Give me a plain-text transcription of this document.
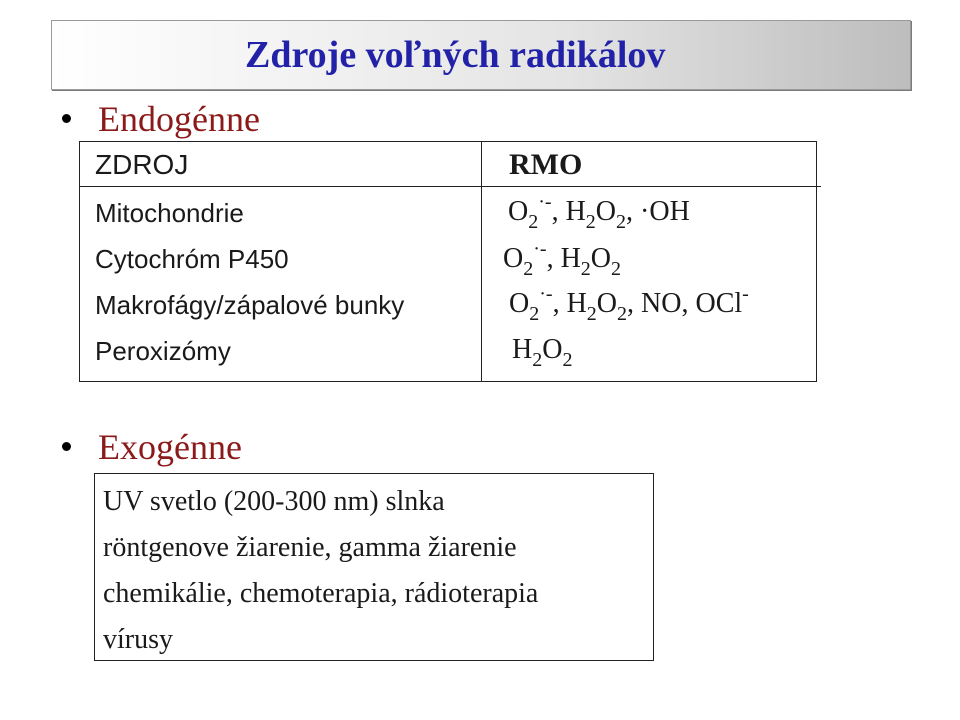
Zdroje voľných radikálov
Endogénne
ZDROJ	RMO
Mitochondrie	$O_2^{\cdot-}$, $H_2O_2$, ·OH
Cytochróm P450	$O_2^{\cdot-}$, $H_2O_2$
Makrofágy/zápalové bunky	$O_2^{\cdot-}$, $H_2O_2$, NO, OCl-
Peroxizómy	$H_2O_2$
Exogénne
UV svetlo (200-300 nm) slnka
röntgenove žiarenie, gamma žiarenie
chemikálie, chemoterapia, rádioterapia
vírusy
